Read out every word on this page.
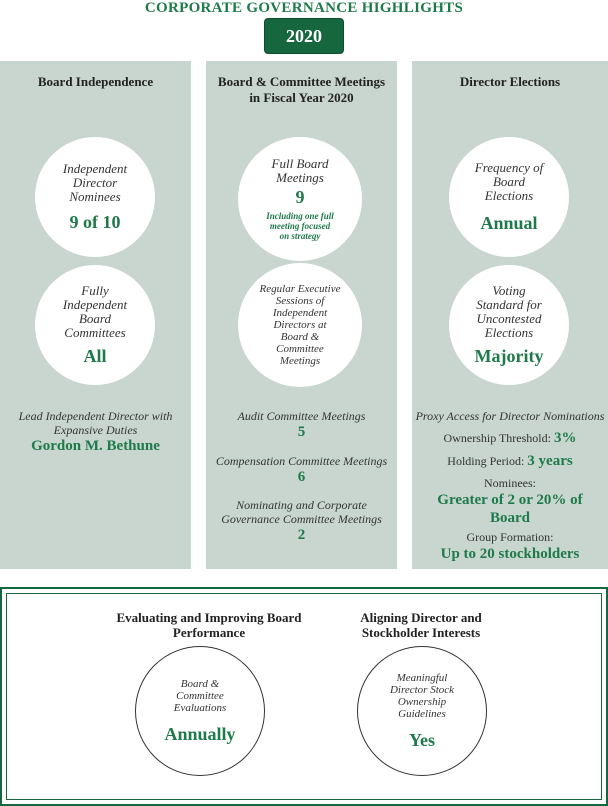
CORPORATE GOVERNANCE HIGHLIGHTS
2020
Board Independence
Independent
Director
Nominees
9 of 10
Fully
Independent
Board
Committees
All
Lead Independent Director with
Expansive Duties
Gordon M. Bethune
Board & Committee Meetings
in Fiscal Year 2020
Full Board
Meetings
9
Including one full
meeting focused
on strategy
Regular Executive
Sessions of
Independent
Directors at
Board &
Committee
Meetings
Audit Committee Meetings
5
Compensation Committee Meetings
6
Nominating and Corporate
Governance Committee Meetings
2
Director Elections
Frequency of
Board
Elections
Annual
Voting
Standard for
Uncontested
Elections
Majority
Proxy Access for Director Nominations
Ownership Threshold: 3%
Holding Period: 3 years
Nominees:
Greater of 2 or 20% of
Board
Group Formation:
Up to 20 stockholders
Evaluating and Improving Board
Performance
Board &
Committee
Evaluations
Annually
Aligning Director and
Stockholder Interests
Meaningful
Director Stock
Ownership
Guidelines
Yes
